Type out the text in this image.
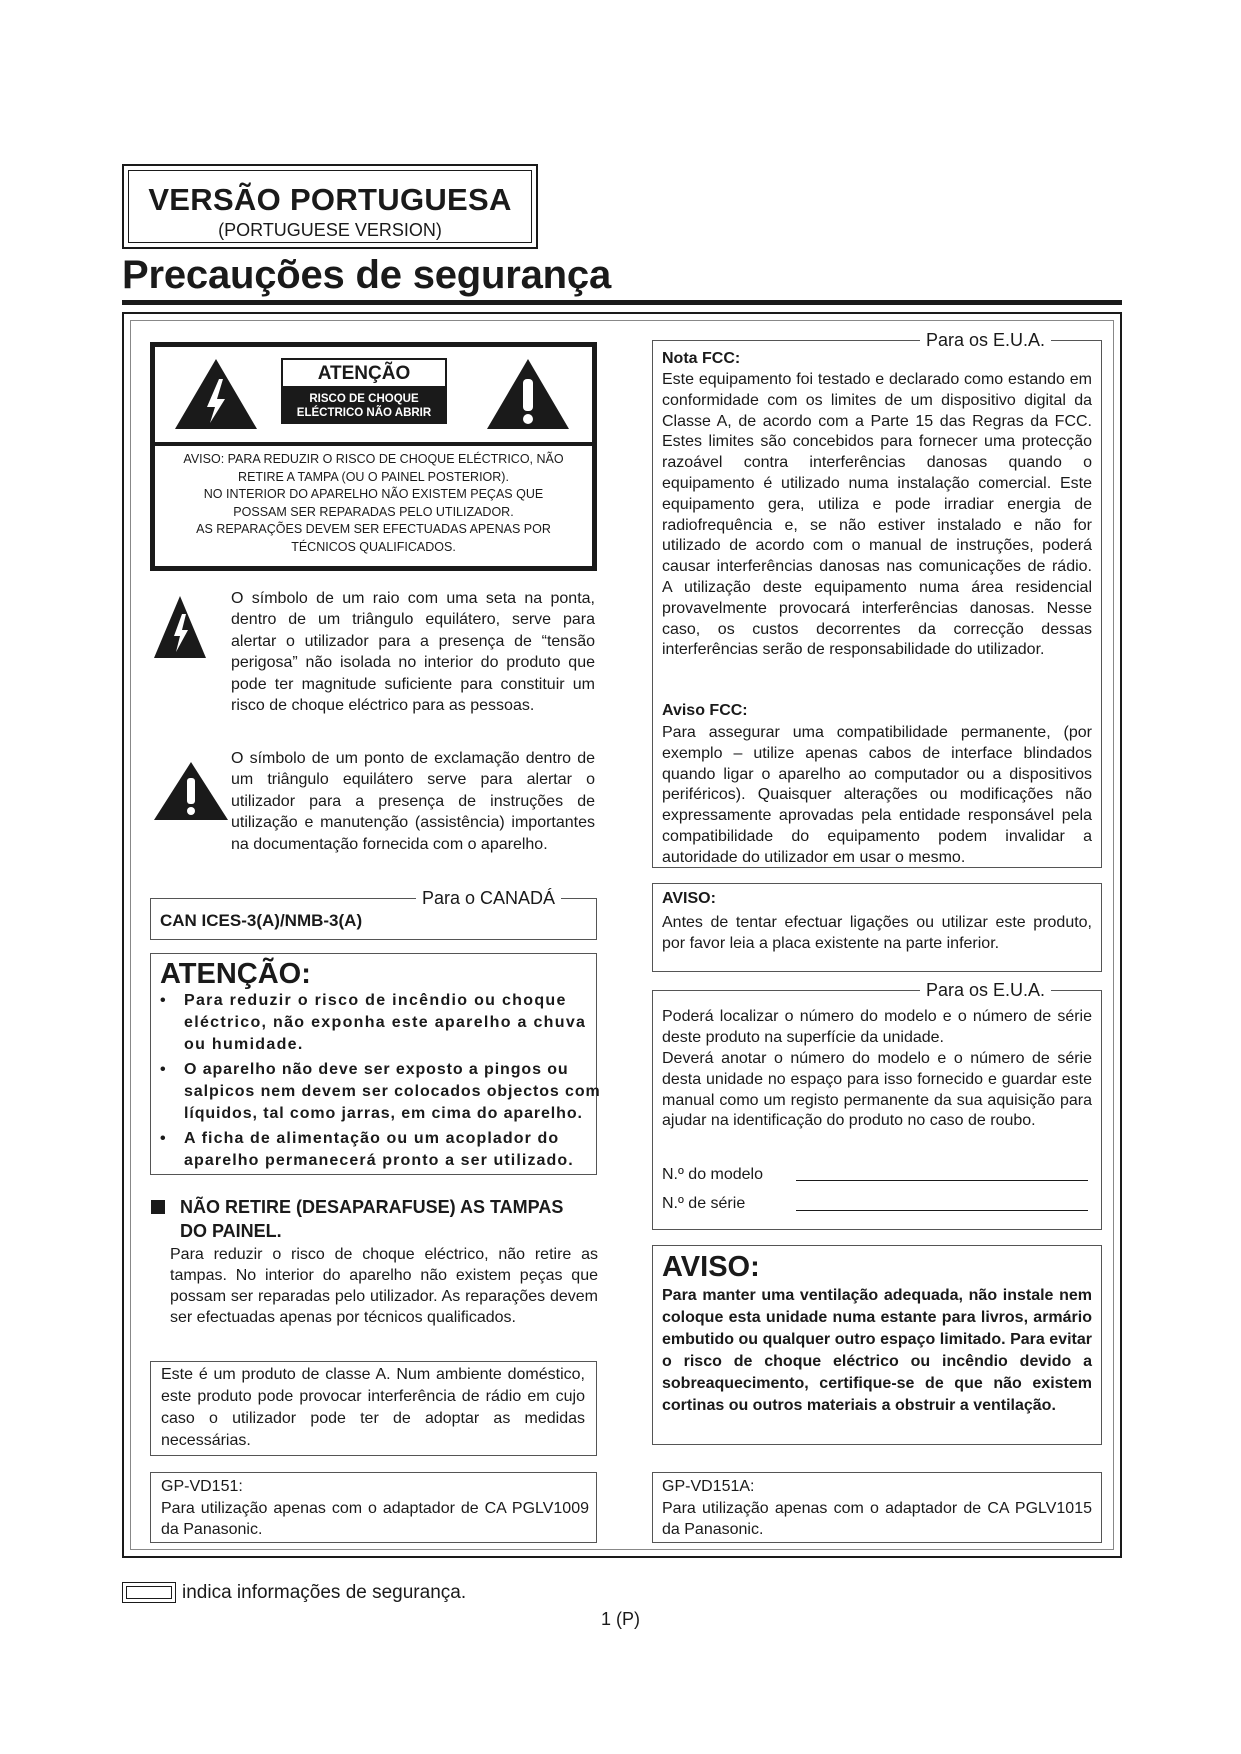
VERSÃO PORTUGUESA
(PORTUGUESE VERSION)
Precauções de segurança
ATENÇÃO
RISCO DE CHOQUE
ELÉCTRICO NÃO ABRIR
AVISO: PARA REDUZIR O RISCO DE CHOQUE ELÉCTRICO, NÃO
RETIRE A TAMPA (OU O PAINEL POSTERIOR).
NO INTERIOR DO APARELHO NÃO EXISTEM PEÇAS QUE
POSSAM SER REPARADAS PELO UTILIZADOR.
AS REPARAÇÕES DEVEM SER EFECTUADAS APENAS POR
TÉCNICOS QUALIFICADOS.
O símbolo de um raio com uma seta na ponta, dentro de um triângulo equilátero, serve para alertar o utilizador para a presença de “tensão perigosa” não isolada no interior do produto que pode ter magnitude suficiente para constituir um risco de choque eléctrico para as pessoas.
O símbolo de um ponto de exclamação dentro de um triângulo equilátero serve para alertar o utilizador para a presença de instruções de utilização e manutenção (assistência) importantes na documentação fornecida com o aparelho.
Para o CANADÁ
CAN ICES-3(A)/NMB-3(A)
ATENÇÃO:
• Para reduzir o risco de incêndio ou choque eléctrico, não exponha este aparelho a chuva ou humidade.
• O aparelho não deve ser exposto a pingos ou salpicos nem devem ser colocados objectos com líquidos, tal como jarras, em cima do aparelho.
• A ficha de alimentação ou um acoplador do aparelho permanecerá pronto a ser utilizado.
NÃO RETIRE (DESAPARAFUSE) AS TAMPAS
DO PAINEL.
Para reduzir o risco de choque eléctrico, não retire as tampas. No interior do aparelho não existem peças que possam ser reparadas pelo utilizador. As reparações devem ser efectuadas apenas por técnicos qualificados.
Este é um produto de classe A. Num ambiente doméstico, este produto pode provocar interferência de rádio em cujo caso o utilizador pode ter de adoptar as medidas necessárias.
GP-VD151:
Para utilização apenas com o adaptador de CA PGLV1009 da Panasonic.
Para os E.U.A.
Nota FCC:
Este equipamento foi testado e declarado como estando em conformidade com os limites de um dispositivo digital da Classe A, de acordo com a Parte 15 das Regras da FCC. Estes limites são concebidos para fornecer uma protecção razoável contra interferências danosas quando o equipamento é utilizado numa instalação comercial. Este equipamento gera, utiliza e pode irradiar energia de radiofrequência e, se não estiver instalado e não for utilizado de acordo com o manual de instruções, poderá causar interferências danosas nas comunicações de rádio. A utilização deste equipamento numa área residencial provavelmente provocará interferências danosas. Nesse caso, os custos decorrentes da correcção dessas interferências serão de responsabilidade do utilizador.
Aviso FCC:
Para assegurar uma compatibilidade permanente, (por exemplo – utilize apenas cabos de interface blindados quando ligar o aparelho ao computador ou a dispositivos periféricos). Quaisquer alterações ou modificações não expressamente aprovadas pela entidade responsável pela compatibilidade do equipamento podem invalidar a autoridade do utilizador em usar o mesmo.
AVISO:
Antes de tentar efectuar ligações ou utilizar este produto, por favor leia a placa existente na parte inferior.
Para os E.U.A.
Poderá localizar o número do modelo e o número de série deste produto na superfície da unidade.
Deverá anotar o número do modelo e o número de série desta unidade no espaço para isso fornecido e guardar este manual como um registo permanente da sua aquisição para ajudar na identificação do produto no caso de roubo.
N.º do modelo
N.º de série
AVISO:
Para manter uma ventilação adequada, não instale nem coloque esta unidade numa estante para livros, armário embutido ou qualquer outro espaço limitado. Para evitar o risco de choque eléctrico ou incêndio devido a sobreaquecimento, certifique-se de que não existem cortinas ou outros materiais a obstruir a ventilação.
GP-VD151A:
Para utilização apenas com o adaptador de CA PGLV1015 da Panasonic.
indica informações de segurança.
1 (P)
